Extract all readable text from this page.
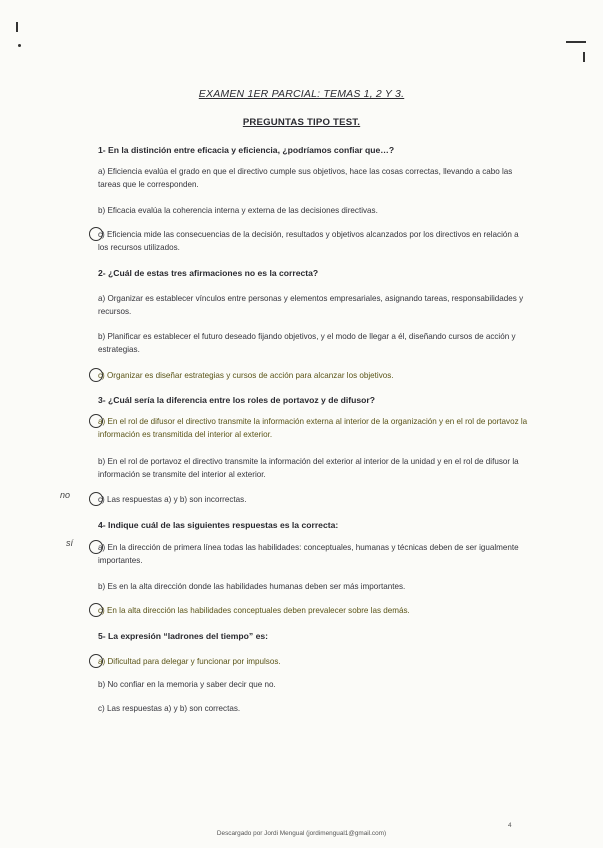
EXAMEN 1ER PARCIAL: TEMAS 1, 2 Y 3.
PREGUNTAS TIPO TEST.
1- En la distinción entre eficacia y eficiencia, ¿podríamos confiar que…?
a) Eficiencia evalúa el grado en que el directivo cumple sus objetivos, hace las cosas correctas, llevando a cabo las tareas que le corresponden.
b) Eficacia evalúa la coherencia interna y externa de las decisiones directivas.
c) Eficiencia mide las consecuencias de la decisión, resultados y objetivos alcanzados por los directivos en relación a los recursos utilizados.
2- ¿Cuál de estas tres afirmaciones no es la correcta?
a) Organizar es establecer vínculos entre personas y elementos empresariales, asignando tareas, responsabilidades y recursos.
b) Planificar es establecer el futuro deseado fijando objetivos, y el modo de llegar a él, diseñando cursos de acción y estrategias.
c) Organizar es diseñar estrategias y cursos de acción para alcanzar los objetivos.
3- ¿Cuál sería la diferencia entre los roles de portavoz y de difusor?
a) En el rol de difusor el directivo transmite la información externa al interior de la organización y en el rol de portavoz la información es transmitida del interior al exterior.
b) En el rol de portavoz el directivo transmite la información del exterior al interior de la unidad y en el rol de difusor la información se transmite del interior al exterior.
no	c) Las respuestas a) y b) son incorrectas.
4- Indique cuál de las siguientes respuestas es la correcta:
sí	a) En la dirección de primera línea todas las habilidades: conceptuales, humanas y técnicas deben de ser igualmente importantes.
b) Es en la alta dirección donde las habilidades humanas deben ser más importantes.
c) En la alta dirección las habilidades conceptuales deben prevalecer sobre las demás.
5- La expresión “ladrones del tiempo” es:
a) Dificultad para delegar y funcionar por impulsos.
b) No confiar en la memoria y saber decir que no.
c) Las respuestas a) y b) son correctas.
4
Descargado por Jordi Mengual (jordimengual1@gmail.com)
